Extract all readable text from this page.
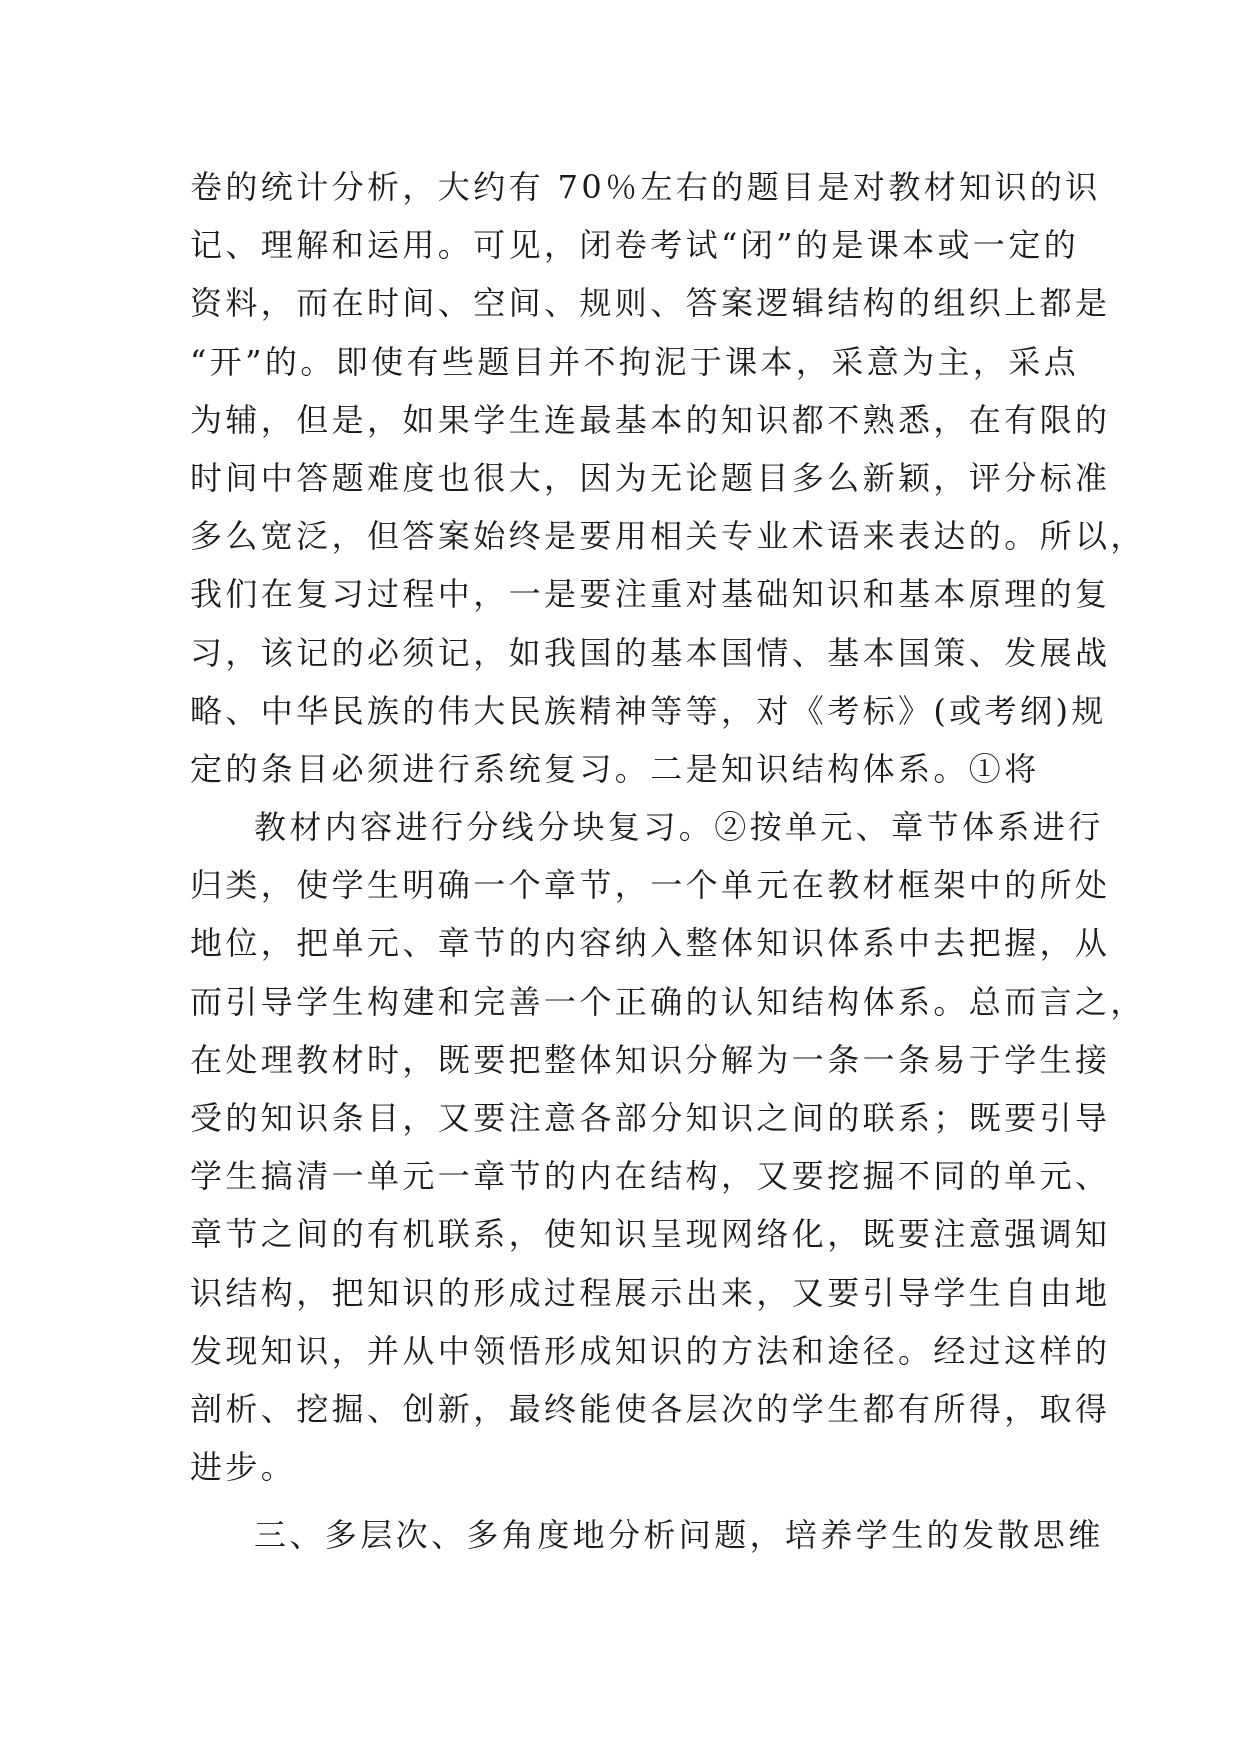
卷的统计分析，大约有 70％左右的题目是对教材知识的识
记、理解和运用。可见，闭卷考试“闭”的是课本或一定的
资料，而在时间、空间、规则、答案逻辑结构的组织上都是
“开”的。即使有些题目并不拘泥于课本，采意为主，采点
为辅，但是，如果学生连最基本的知识都不熟悉，在有限的
时间中答题难度也很大，因为无论题目多么新颖，评分标准
多么宽泛，但答案始终是要用相关专业术语来表达的。所以，
我们在复习过程中，一是要注重对基础知识和基本原理的复
习，该记的必须记，如我国的基本国情、基本国策、发展战
略、中华民族的伟大民族精神等等，对《考标》(或考纲)规
定的条目必须进行系统复习。二是知识结构体系。①将
教材内容进行分线分块复习。②按单元、章节体系进行
归类，使学生明确一个章节，一个单元在教材框架中的所处
地位，把单元、章节的内容纳入整体知识体系中去把握，从
而引导学生构建和完善一个正确的认知结构体系。总而言之，
在处理教材时，既要把整体知识分解为一条一条易于学生接
受的知识条目，又要注意各部分知识之间的联系；既要引导
学生搞清一单元一章节的内在结构，又要挖掘不同的单元、
章节之间的有机联系，使知识呈现网络化，既要注意强调知
识结构，把知识的形成过程展示出来，又要引导学生自由地
发现知识，并从中领悟形成知识的方法和途径。经过这样的
剖析、挖掘、创新，最终能使各层次的学生都有所得，取得
进步。
三、多层次、多角度地分析问题，培养学生的发散思维
